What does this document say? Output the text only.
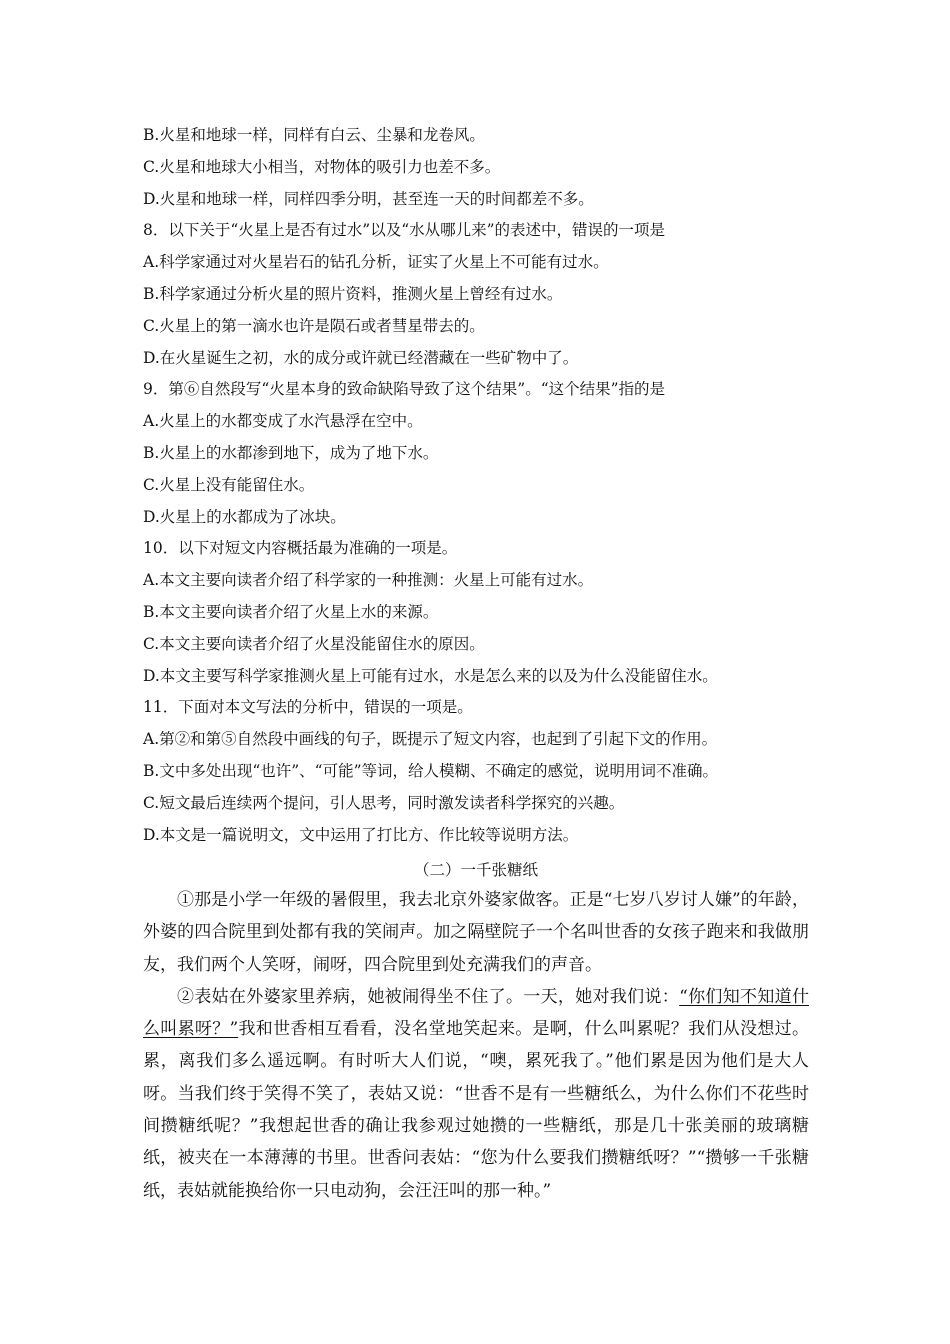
B.火星和地球一样，同样有白云、尘暴和龙卷风。
C.火星和地球大小相当，对物体的吸引力也差不多。
D.火星和地球一样，同样四季分明，甚至连一天的时间都差不多。
8．以下关于“火星上是否有过水”以及“水从哪儿来”的表述中，错误的一项是
A.科学家通过对火星岩石的钻孔分析，证实了火星上不可能有过水。
B.科学家通过分析火星的照片资料，推测火星上曾经有过水。
C.火星上的第一滴水也许是陨石或者彗星带去的。
D.在火星诞生之初，水的成分或许就已经潜藏在一些矿物中了。
9．第⑥自然段写“火星本身的致命缺陷导致了这个结果”。“这个结果”指的是
A.火星上的水都变成了水汽悬浮在空中。
B.火星上的水都渗到地下，成为了地下水。
C.火星上没有能留住水。
D.火星上的水都成为了冰块。
10．以下对短文内容概括最为准确的一项是。
A.本文主要向读者介绍了科学家的一种推测：火星上可能有过水。
B.本文主要向读者介绍了火星上水的来源。
C.本文主要向读者介绍了火星没能留住水的原因。
D.本文主要写科学家推测火星上可能有过水，水是怎么来的以及为什么没能留住水。
11．下面对本文写法的分析中，错误的一项是。
A.第②和第⑤自然段中画线的句子，既提示了短文内容，也起到了引起下文的作用。
B.文中多处出现“也许”、“可能”等词，给人模糊、不确定的感觉，说明用词不准确。
C.短文最后连续两个提问，引人思考，同时激发读者科学探究的兴趣。
D.本文是一篇说明文，文中运用了打比方、作比较等说明方法。
（二）一千张糖纸

①那是小学一年级的暑假里，我去北京外婆家做客。正是“七岁八岁讨人嫌”的年龄，外婆的四合院里到处都有我的笑闹声。加之隔壁院子一个名叫世香的女孩子跑来和我做朋友，我们两个人笑呀，闹呀，四合院里到处充满我们的声音。

②表姑在外婆家里养病，她被闹得坐不住了。一天，她对我们说：“你们知不知道什么叫累呀？”我和世香相互看看，没名堂地笑起来。是啊，什么叫累呢？我们从没想过。累，离我们多么遥远啊。有时听大人们说，“噢，累死我了。”他们累是因为他们是大人呀。当我们终于笑得不笑了，表姑又说：“世香不是有一些糖纸么，为什么你们不花些时间攒糖纸呢？”我想起世香的确让我参观过她攒的一些糖纸，那是几十张美丽的玻璃糖纸，被夹在一本薄薄的书里。世香问表姑：“您为什么要我们攒糖纸呀？”“攒够一千张糖纸，表姑就能换给你一只电动狗，会汪汪叫的那一种。”
